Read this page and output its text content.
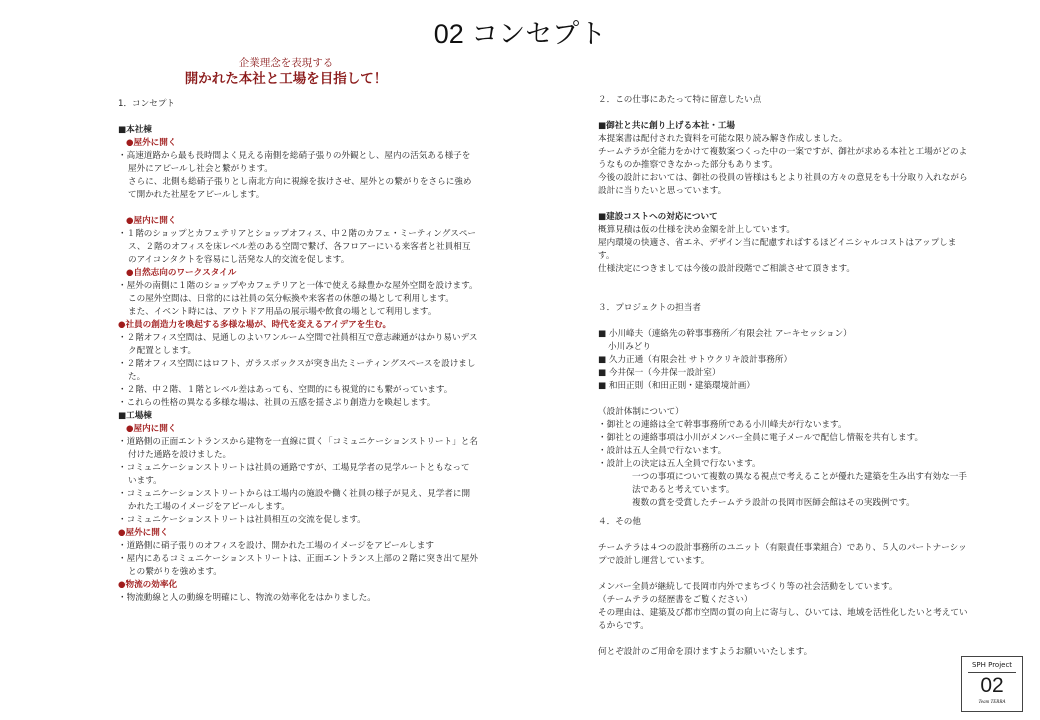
02 コンセプト
企業理念を表現する
開かれた本社と工場を目指して！
1．コンセプト
■本社棟
●屋外に開く
・高速道路から最も長時間よく見える南側を総硝子張りの外観とし、屋内の活気ある様子を屋外にアピールし社会と繋がります。
さらに、北側も総硝子張りとし南北方向に視線を抜けさせ、屋外との繋がりをさらに強めて開かれた社屋をアピールします。
●屋内に開く
・１階のショップとカフェテリアとショップオフィス、中２階のカフェ・ミーティングスペース、２階のオフィスを床レベル差のある空間で繋げ、各フロアーにいる来客者と社員相互のアイコンタクトを容易にし活発な人的交流を促します。
●自然志向のワークスタイル
・屋外の南側に１階のショップやカフェテリアと一体で使える緑豊かな屋外空間を設けます。
この屋外空間は、日常的には社員の気分転換や来客者の休憩の場として利用します。
また、イベント時には、アウトドア用品の展示場や飲食の場として利用します。
●社員の創造力を喚起する多様な場が、時代を変えるアイデアを生む。
・２階オフィス空間は、見通しのよいワンルーム空間で社員相互で意志疎通がはかり易いデスク配置とします。
・２階オフィス空間にはロフト、ガラスボックスが突き出たミーティングスペースを設けました。
・２階、中２階、１階とレベル差はあっても、空間的にも視覚的にも繋がっています。
・これらの性格の異なる多様な場は、社員の五感を揺さぶり創造力を喚起します。
■工場棟
●屋内に開く
・道路側の正面エントランスから建物を一直線に貫く「コミュニケーションストリート」と名付けた通路を設けました。
・コミュニケーションストリートは社員の通路ですが、工場見学者の見学ルートともなっています。
・コミュニケーションストリートからは工場内の施設や働く社員の様子が見え、見学者に開かれた工場のイメージをアピールします。
・コミュニケーションストリートは社員相互の交流を促します。
●屋外に開く
・道路側に硝子張りのオフィスを設け、開かれた工場のイメージをアピールします
・屋内にあるコミュニケーションストリートは、正面エントランス上部の２階に突き出て屋外との繋がりを強めます。
●物流の効率化
・物流動線と人の動線を明確にし、物流の効率化をはかりました。
２．この仕事にあたって特に留意したい点
■御社と共に創り上げる本社・工場
本提案書は配付された資料を可能な限り読み解き作成しました。
チームテラが全能力をかけて複数案つくった中の一案ですが、御社が求める本社と工場がどのようなものか推察できなかった部分もあります。
今後の設計においては、御社の役員の皆様はもとより社員の方々の意見をも十分取り入れながら設計に当りたいと思っています。
■建設コストへの対応について
概算見積は仮の仕様を決め金額を計上しています。
屋内環境の快適さ、省エネ、デザイン当に配慮すればするほどイニシャルコストはアップします。
仕様決定につきましては今後の設計段階でご相談させて頂きます。
３．プロジェクトの担当者
■ 小川峰夫（連絡先の幹事事務所／有限会社 アーキセッション）
小川みどり
■ 久力正通（有限会社 サトウクリキ設計事務所）
■ 今井保一（今井保一設計室）
■ 和田正則（和田正則・建築環境計画）
（設計体制について）
・御社との連絡は全て幹事事務所である小川峰夫が行ないます。
・御社との連絡事項は小川がメンバー全員に電子メールで配信し情報を共有します。
・設計は五人全員で行ないます。
・設計上の決定は五人全員で行ないます。
一つの事項について複数の異なる視点で考えることが優れた建築を生み出す有効な一手法であると考えています。
複数の賞を受賞したチームテラ設計の長岡市医師会館はその実践例です。
４．その他
チームテラは４つの設計事務所のユニット（有限責任事業組合）であり、５人のパートナーシップで設計し運営しています。
メンバー全員が継続して長岡市内外でまちづくり等の社会活動をしています。
（チームテラの経歴書をご覧ください）
その理由は、建築及び都市空間の質の向上に寄与し、ひいては、地域を活性化したいと考えているからです。
何とぞ設計のご用命を頂けますようお願いいたします。
SPH Project
02
Team TERRA
